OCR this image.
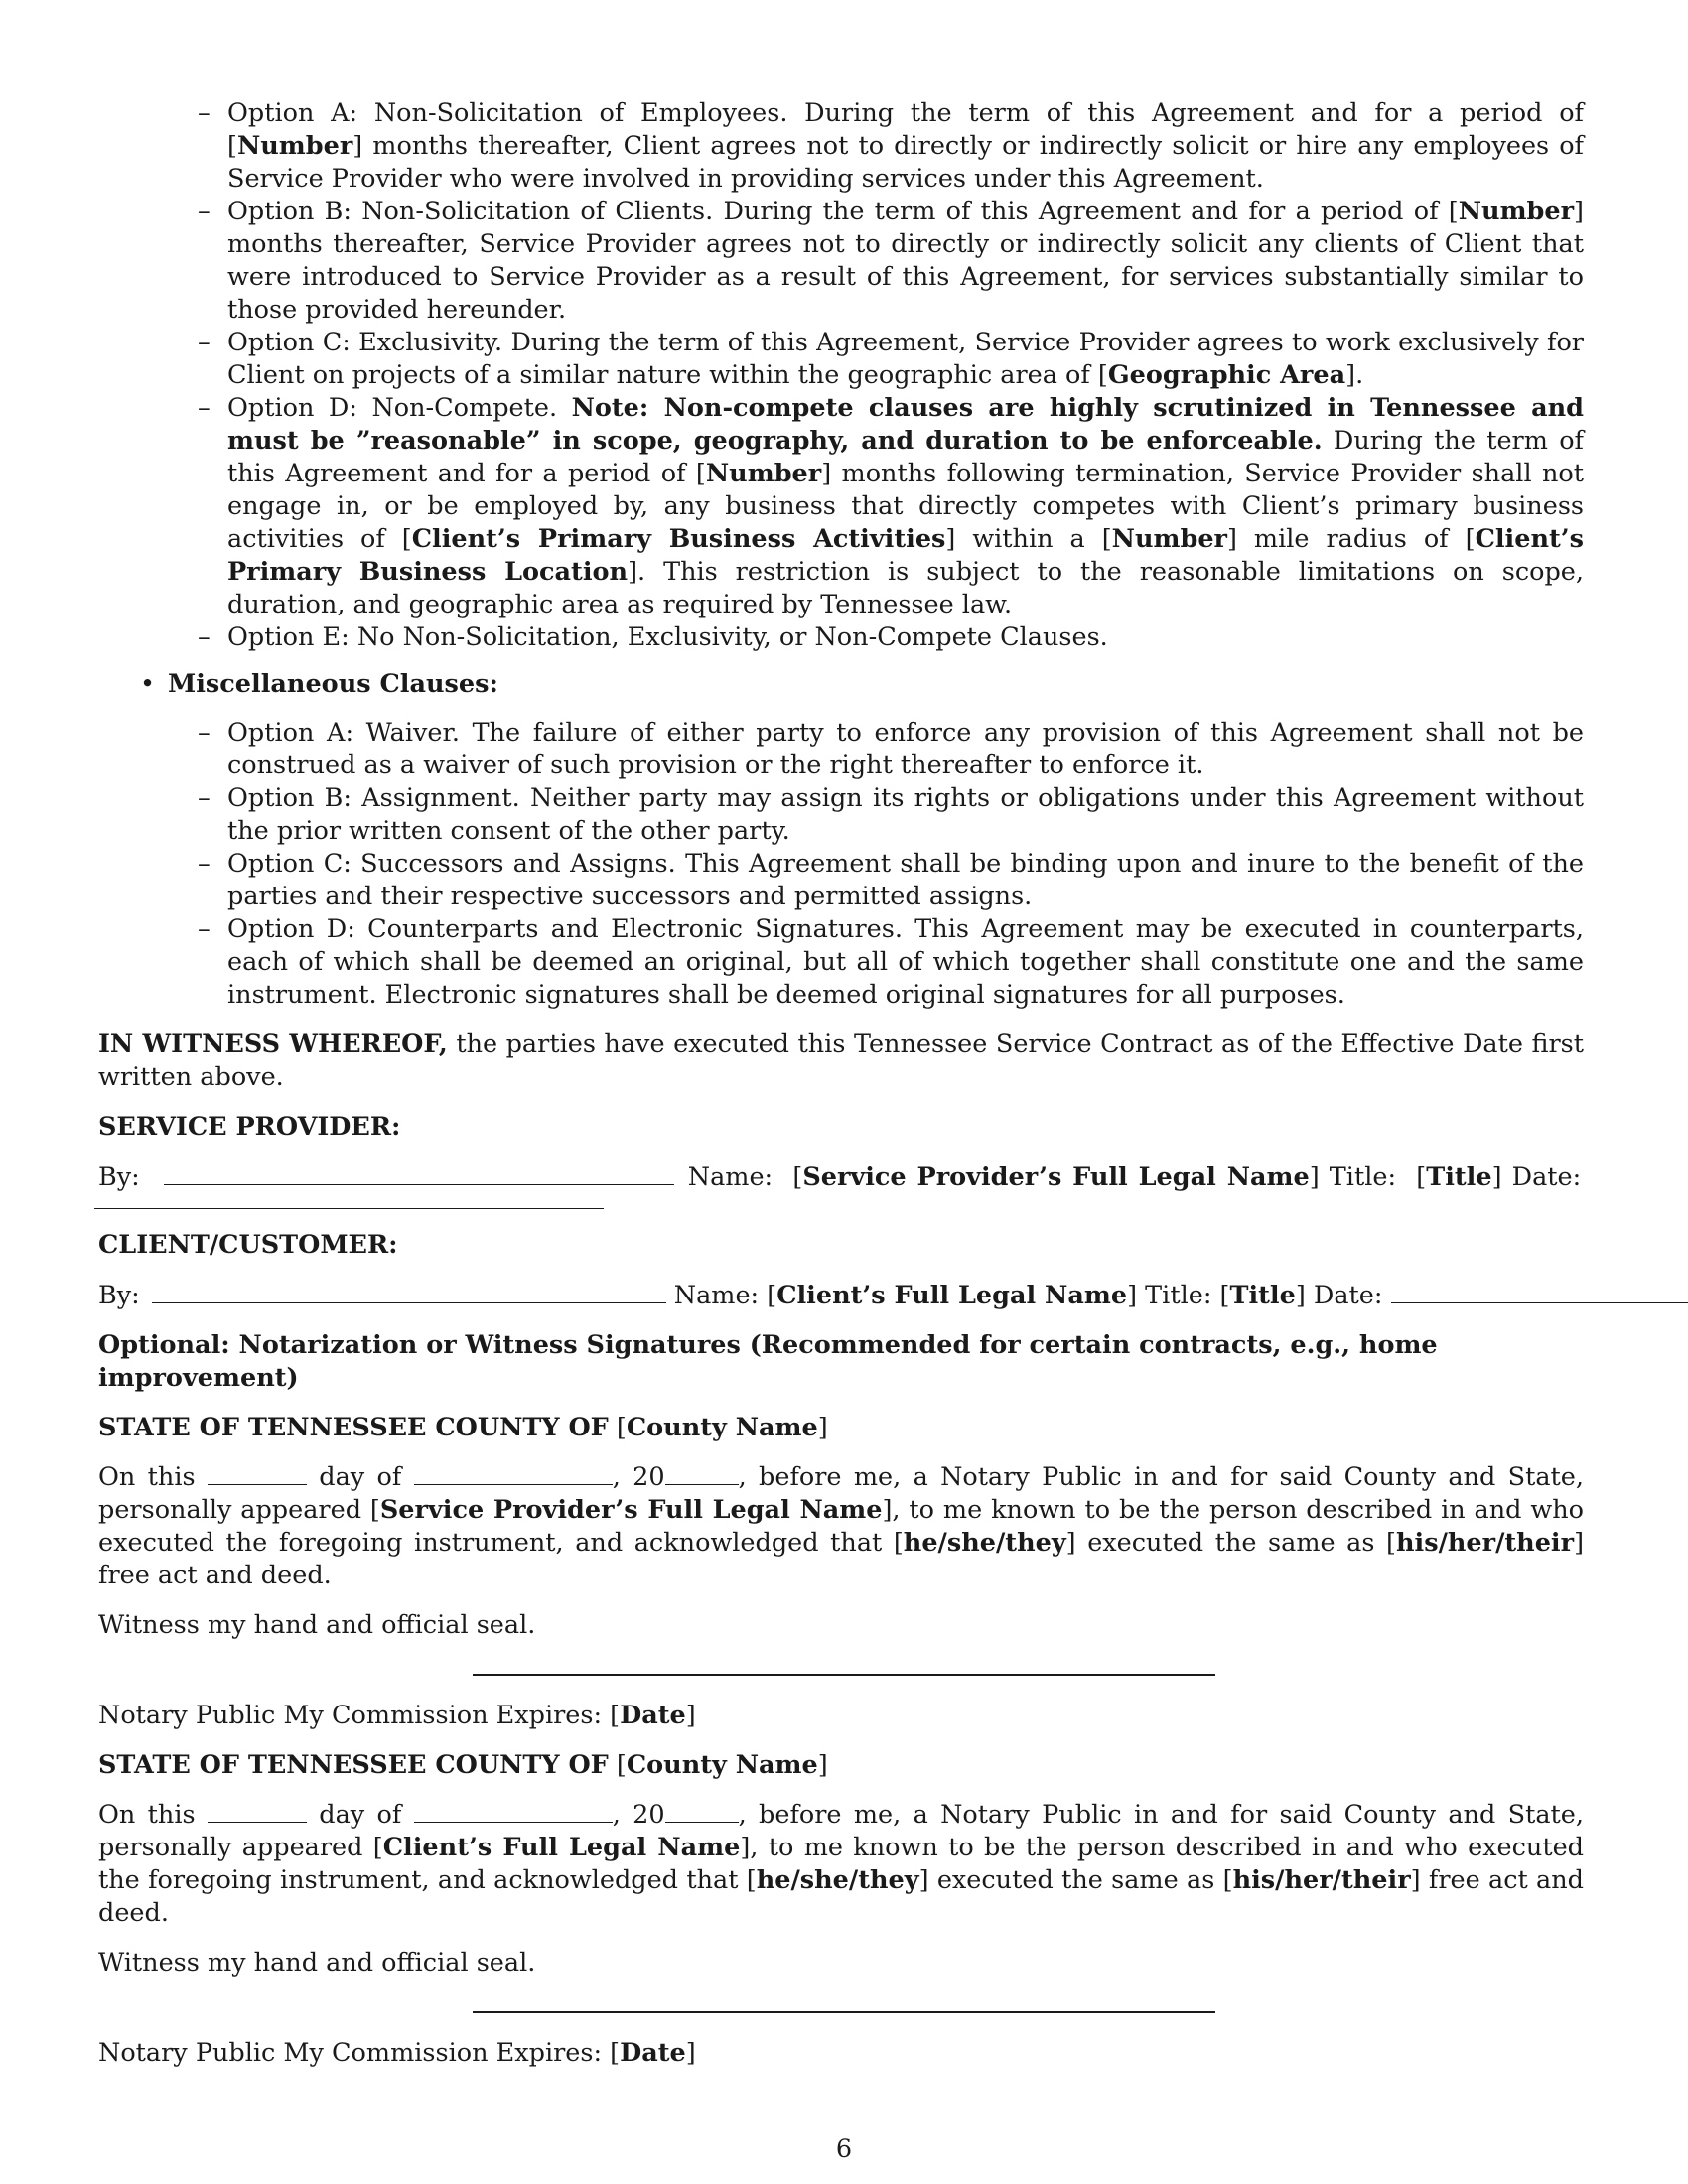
– Option A: Non-Solicitation of Employees. During the term of this Agreement and for a period of [Number] months thereafter, Client agrees not to directly or indirectly solicit or hire any employees of Service Provider who were involved in providing services under this Agreement.
– Option B: Non-Solicitation of Clients. During the term of this Agreement and for a period of [Number] months thereafter, Service Provider agrees not to directly or indirectly solicit any clients of Client that were introduced to Service Provider as a result of this Agreement, for services substantially similar to those provided hereunder.
– Option C: Exclusivity. During the term of this Agreement, Service Provider agrees to work exclusively for Client on projects of a similar nature within the geographic area of [Geographic Area].
– Option D: Non-Compete. Note: Non-compete clauses are highly scrutinized in Tennessee and must be ”reasonable” in scope, geography, and duration to be enforceable. During the term of this Agreement and for a period of [Number] months following termination, Service Provider shall not engage in, or be employed by, any business that directly competes with Client’s primary business activities of [Client’s Primary Business Activities] within a [Number] mile radius of [Client’s Primary Business Location]. This restriction is subject to the reasonable limitations on scope, duration, and geographic area as required by Tennessee law.
– Option E: No Non-Solicitation, Exclusivity, or Non-Compete Clauses.
• Miscellaneous Clauses:
– Option A: Waiver. The failure of either party to enforce any provision of this Agreement shall not be construed as a waiver of such provision or the right thereafter to enforce it.
– Option B: Assignment. Neither party may assign its rights or obligations under this Agreement without the prior written consent of the other party.
– Option C: Successors and Assigns. This Agreement shall be binding upon and inure to the benefit of the parties and their respective successors and permitted assigns.
– Option D: Counterparts and Electronic Signatures. This Agreement may be executed in counterparts, each of which shall be deemed an original, but all of which together shall constitute one and the same instrument. Electronic signatures shall be deemed original signatures for all purposes.

IN WITNESS WHEREOF, the parties have executed this Tennessee Service Contract as of the Effective Date first written above.

SERVICE PROVIDER:

By:	Name: [Service Provider’s Full Legal Name] Title:  [Title] Date:

CLIENT/CUSTOMER:

By:	Name: [Client’s Full Legal Name] Title: [Title] Date:

Optional: Notarization or Witness Signatures (Recommended for certain contracts, e.g., home improvement)

STATE OF TENNESSEE COUNTY OF [County Name]

On this	day of	, 20	, before me, a Notary Public in and for said County and State, personally appeared [Service Provider’s Full Legal Name], to me known to be the person described in and who executed the foregoing instrument, and acknowledged that [he/she/they] executed the same as [his/her/their] free act and deed.

Witness my hand and official seal.

Notary Public My Commission Expires: [Date]

STATE OF TENNESSEE COUNTY OF [County Name]

On this	day of	, 20	, before me, a Notary Public in and for said County and State, personally appeared [Client’s Full Legal Name], to me known to be the person described in and who executed the foregoing instrument, and acknowledged that [he/she/they] executed the same as [his/her/their] free act and deed.

Witness my hand and official seal.

Notary Public My Commission Expires: [Date]

6
